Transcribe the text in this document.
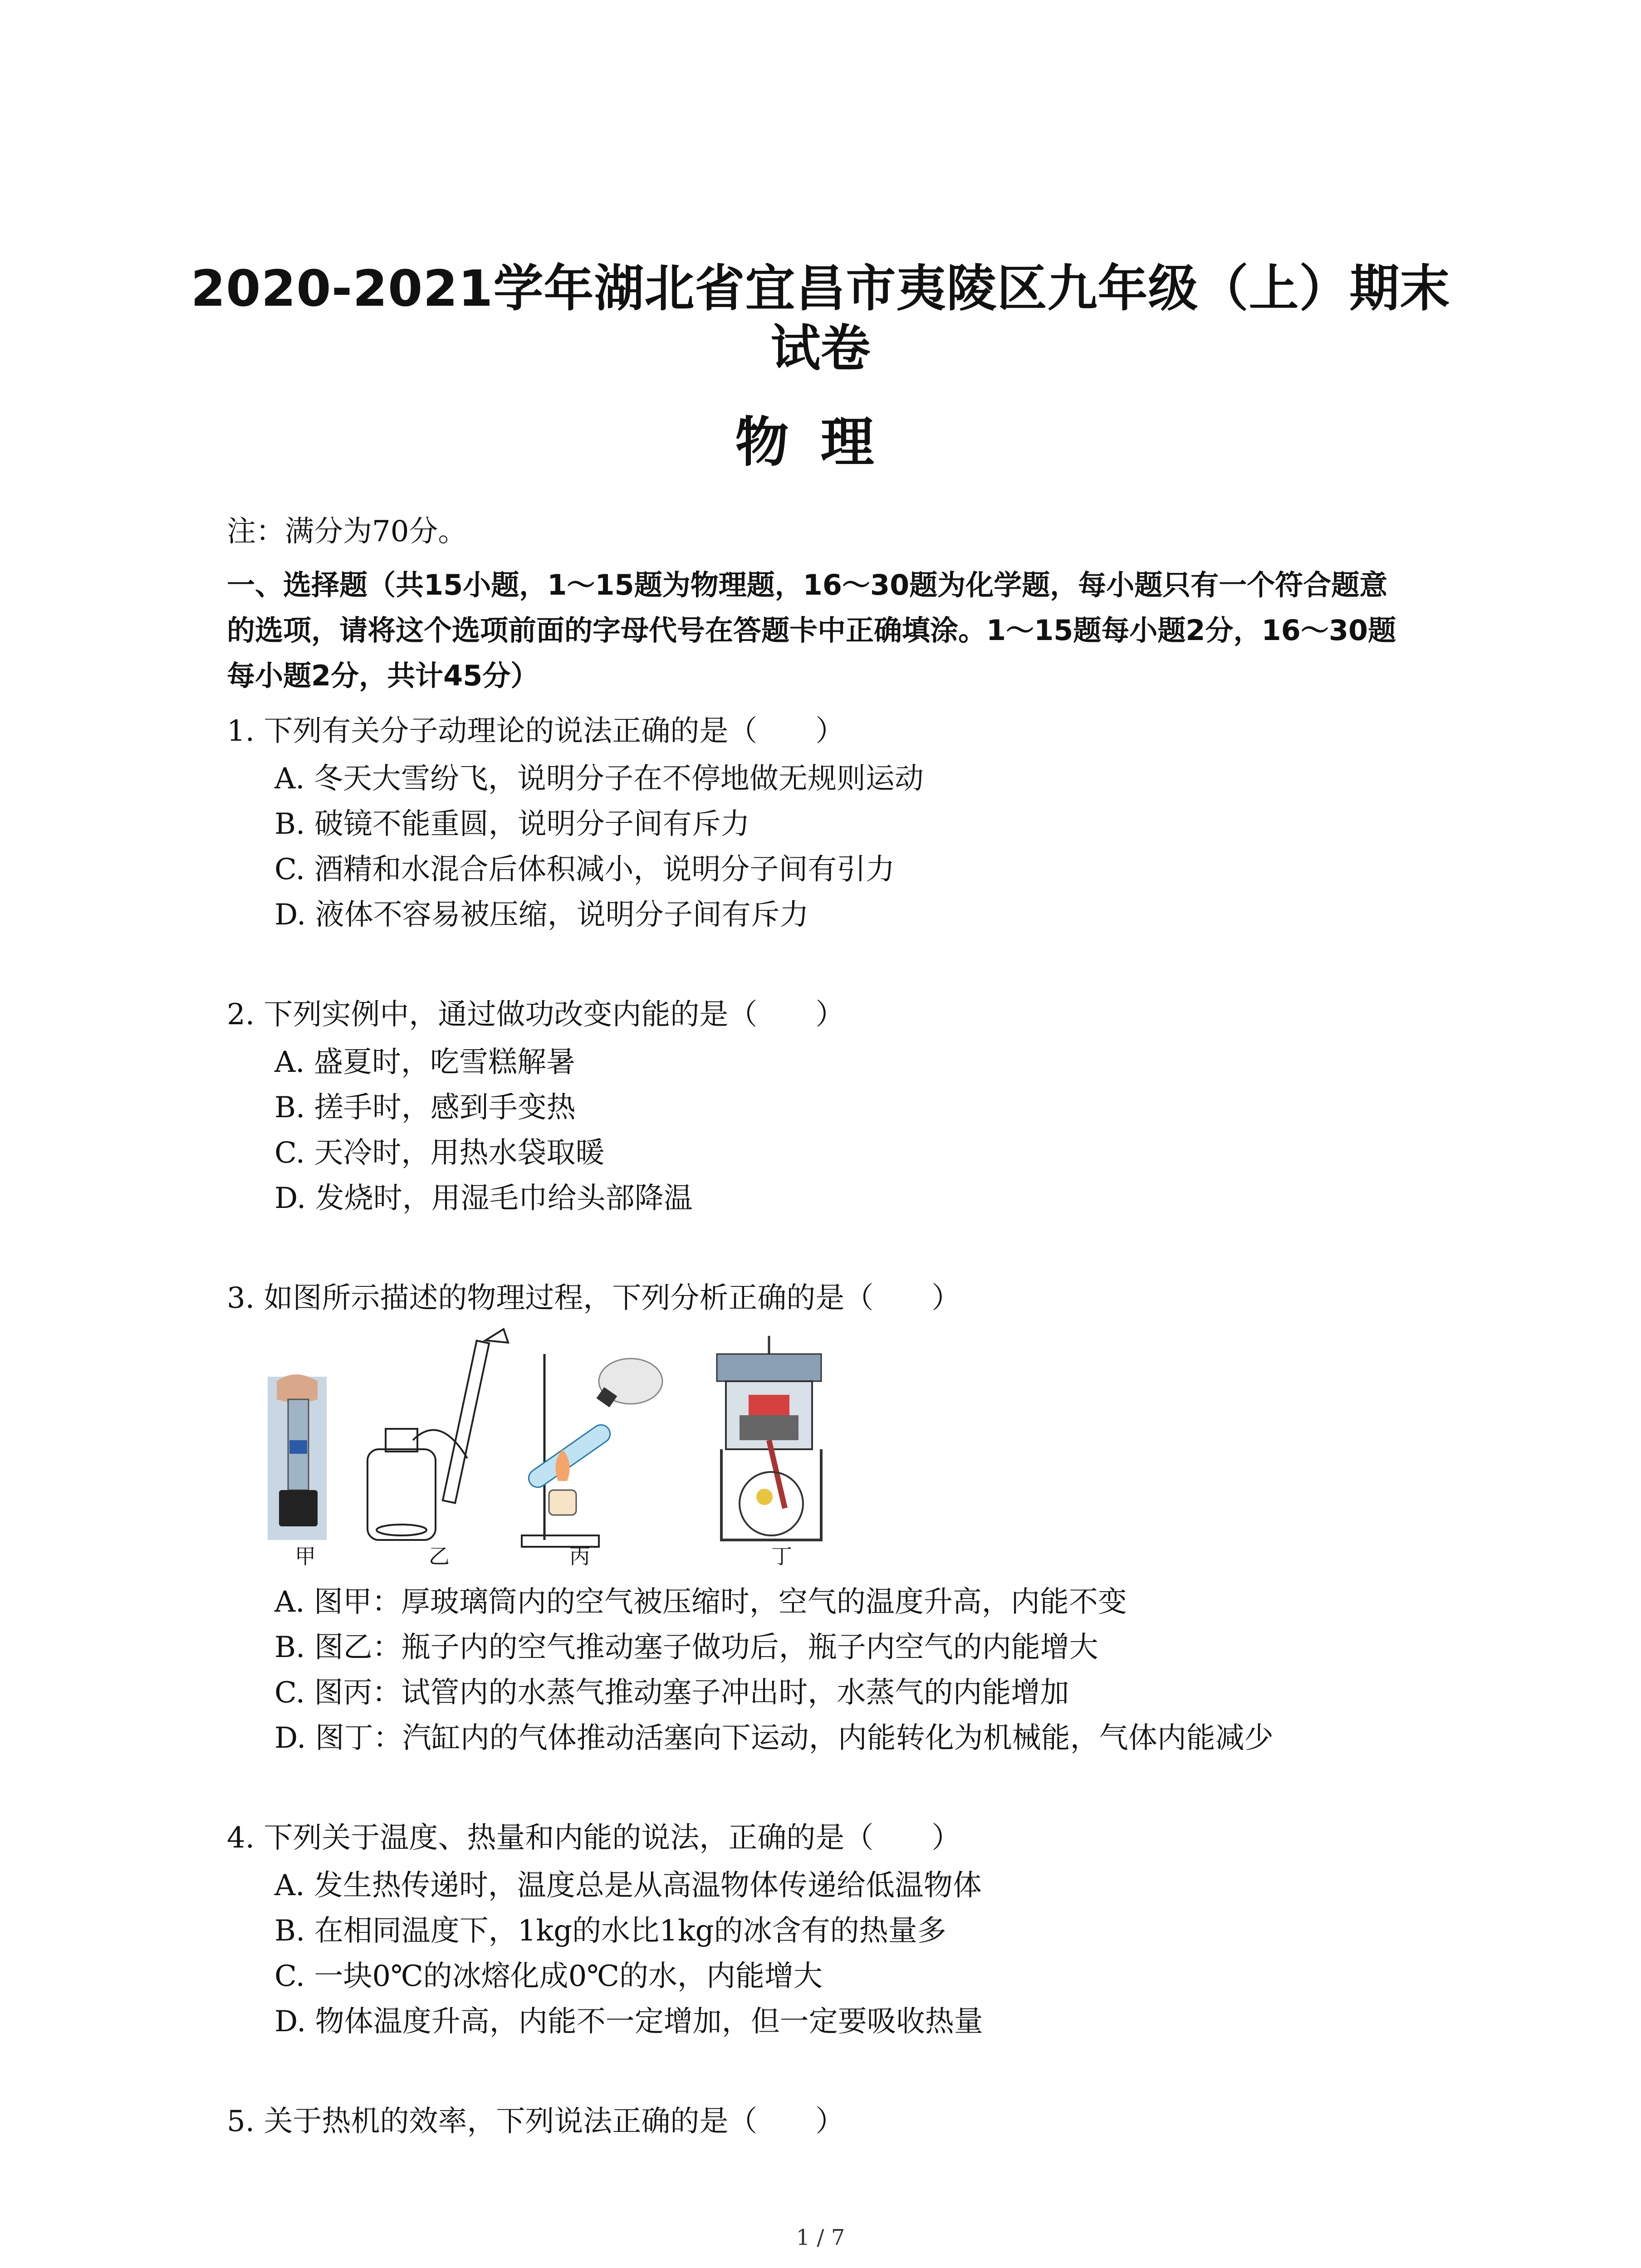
2020-2021学年湖北省宜昌市夷陵区九年级（上）期末
试卷
物理
注：满分为70分。
一、选择题（共15小题，1～15题为物理题，16～30题为化学题，每小题只有一个符合题意
的选项，请将这个选项前面的字母代号在答题卡中正确填涂。1～15题每小题2分，16～30题
每小题2分，共计45分）
1. 下列有关分子动理论的说法正确的是（　　）
A. 冬天大雪纷飞，说明分子在不停地做无规则运动
B. 破镜不能重圆，说明分子间有斥力
C. 酒精和水混合后体积减小，说明分子间有引力
D. 液体不容易被压缩，说明分子间有斥力
2. 下列实例中，通过做功改变内能的是（　　）
A. 盛夏时，吃雪糕解暑
B. 搓手时，感到手变热
C. 天冷时，用热水袋取暖
D. 发烧时，用湿毛巾给头部降温
3. 如图所示描述的物理过程，下列分析正确的是（　　）
甲	乙	丙	丁
A. 图甲：厚玻璃筒内的空气被压缩时，空气的温度升高，内能不变
B. 图乙：瓶子内的空气推动塞子做功后，瓶子内空气的内能增大
C. 图丙：试管内的水蒸气推动塞子冲出时，水蒸气的内能增加
D. 图丁：汽缸内的气体推动活塞向下运动，内能转化为机械能，气体内能减少
4. 下列关于温度、热量和内能的说法，正确的是（　　）
A. 发生热传递时，温度总是从高温物体传递给低温物体
B. 在相同温度下，1kg的水比1kg的冰含有的热量多
C. 一块0℃的冰熔化成0℃的水，内能增大
D. 物体温度升高，内能不一定增加，但一定要吸收热量
5. 关于热机的效率，下列说法正确的是（　　）
1 / 7
